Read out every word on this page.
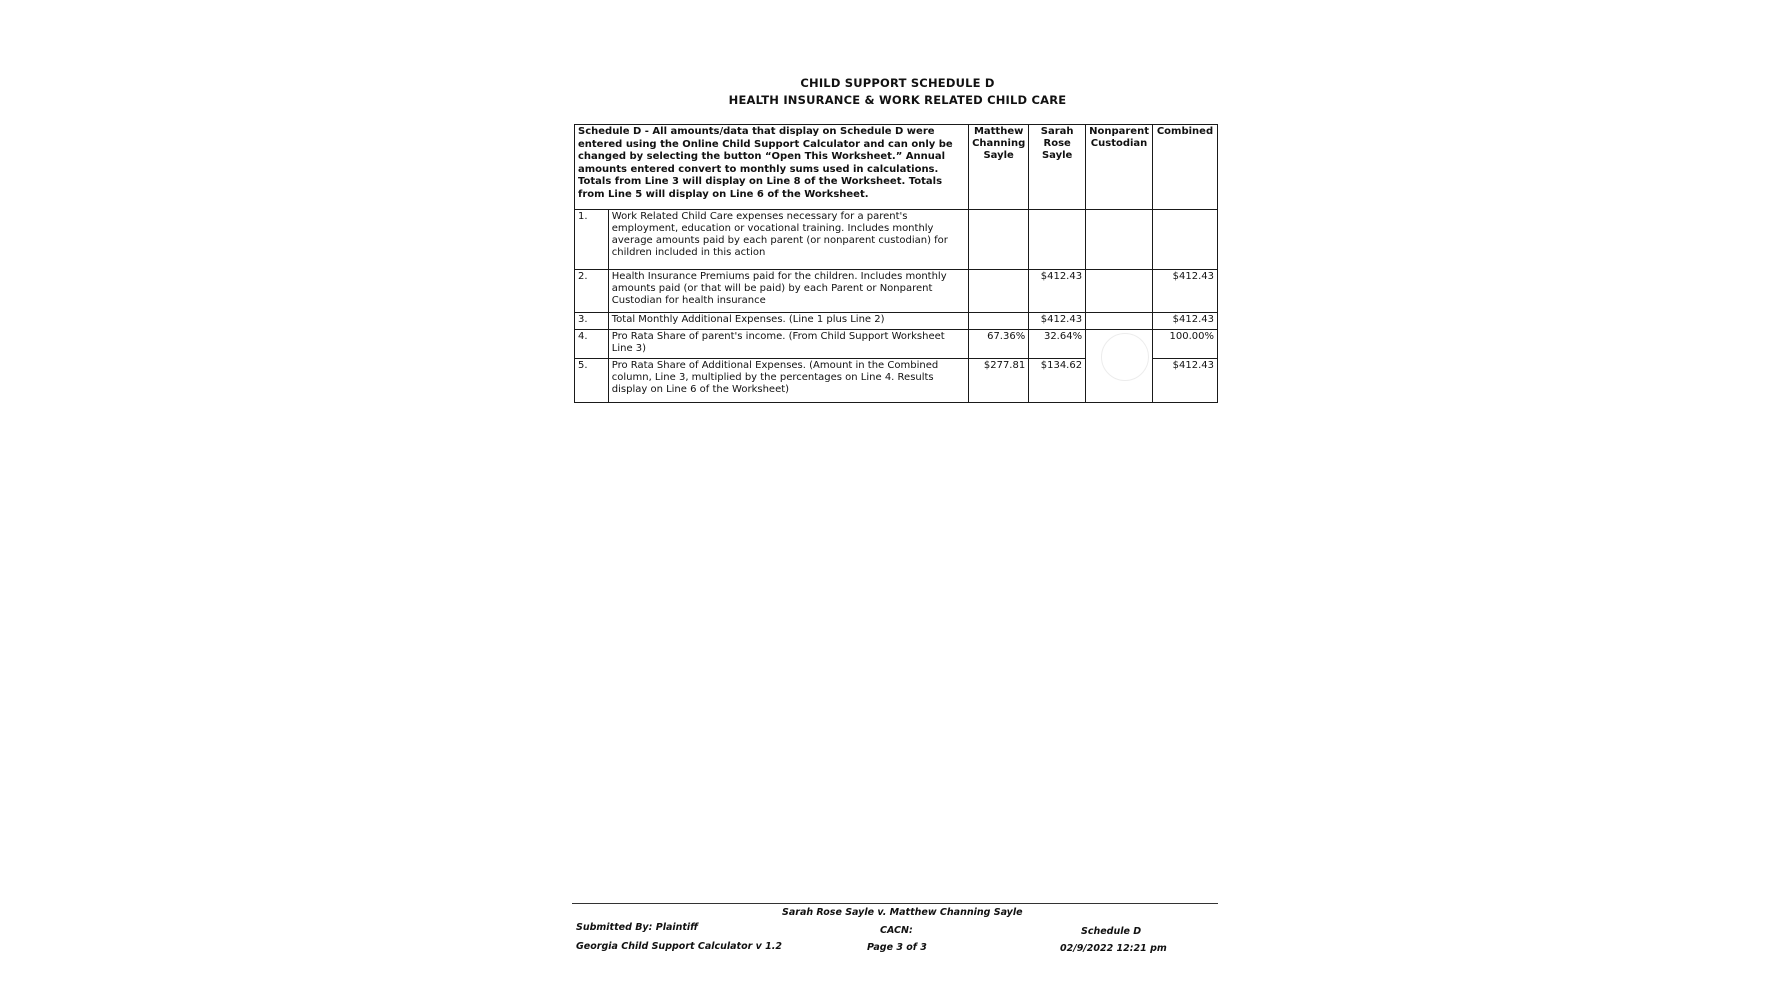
CHILD SUPPORT SCHEDULE D
HEALTH INSURANCE & WORK RELATED CHILD CARE
Schedule D - All amounts/data that display on Schedule D were entered using the Online Child Support Calculator and can only be changed by selecting the button “Open This Worksheet.” Annual amounts entered convert to monthly sums used in calculations. Totals from Line 3 will display on Line 8 of the Worksheet. Totals from Line 5 will display on Line 6 of the Worksheet.		Matthew Channing Sayle	Sarah Rose Sayle	Nonparent Custodian	Combined
1.	Work Related Child Care expenses necessary for a parent's employment, education or vocational training. Includes monthly average amounts paid by each parent (or nonparent custodian) for children included in this action				
2.	Health Insurance Premiums paid for the children. Includes monthly amounts paid (or that will be paid) by each Parent or Nonparent Custodian for health insurance		$412.43		$412.43
3.	Total Monthly Additional Expenses. (Line 1 plus Line 2)		$412.43		$412.43
4.	Pro Rata Share of parent's income. (From Child Support Worksheet Line 3)	67.36%	32.64%		100.00%
5.	Pro Rata Share of Additional Expenses. (Amount in the Combined column, Line 3, multiplied by the percentages on Line 4. Results display on Line 6 of the Worksheet)	$277.81	$134.62		$412.43
Sarah Rose Sayle v. Matthew Channing Sayle
Submitted By: Plaintiff
Georgia Child Support Calculator v 1.2
CACN:
Page 3 of 3
Schedule D
02/9/2022 12:21 pm
